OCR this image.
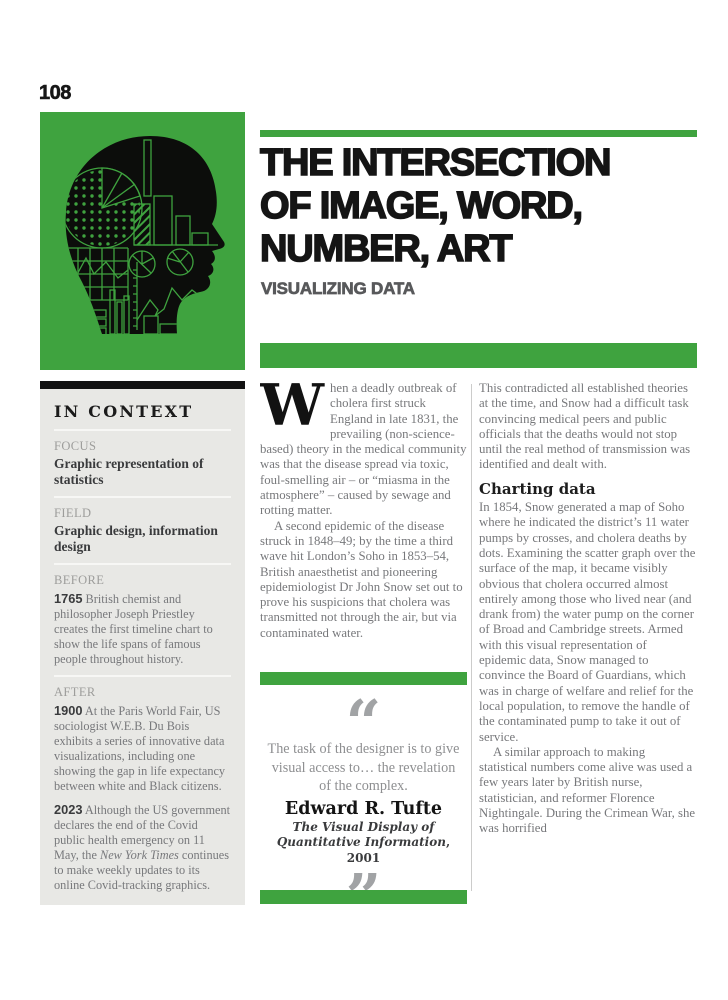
108
THE INTERSECTION
OF IMAGE, WORD,
NUMBER, ART
VISUALIZING DATA
IN CONTEXT
FOCUS
Graphic representation of statistics
FIELD
Graphic design, information design
BEFORE

1765 British chemist and philosopher Joseph Priestley creates the first timeline chart to show the life spans of famous people throughout history.

AFTER

1900 At the Paris World Fair, US sociologist W.E.B. Du Bois exhibits a series of innovative data visualizations, including one showing the gap in life expectancy between white and Black citizens.

2023 Although the US government declares the end of the Covid public health emergency on 11 May, the New York Times continues to make weekly updates to its online Covid-tracking graphics.

When a deadly outbreak of cholera first struck England in late 1831, the prevailing (non-science-based) theory in the medical community was that the disease spread via toxic, foul-smelling air – or “miasma in the atmosphere” – caused by sewage and rotting matter.

A second epidemic of the disease struck in 1848–49; by the time a third wave hit London’s Soho in 1853–54, British anaesthetist and pioneering epidemiologist Dr John Snow set out to prove his suspicions that cholera was transmitted not through the air, but via contaminated water.

“
The task of the designer is to give visual access to… the revelation of the complex.
Edward R. Tufte
The Visual Display of Quantitative Information, 2001

This contradicted all established theories at the time, and Snow had a difficult task convincing medical peers and public officials that the deaths would not stop until the real method of transmission was identified and dealt with.

Charting data

In 1854, Snow generated a map of Soho where he indicated the district’s 11 water pumps by crosses, and cholera deaths by dots. Examining the scatter graph over the surface of the map, it became visibly obvious that cholera occurred almost entirely among those who lived near (and drank from) the water pump on the corner of Broad and Cambridge streets. Armed with this visual representation of epidemic data, Snow managed to convince the Board of Guardians, which was in charge of welfare and relief for the local population, to remove the handle of the contaminated pump to take it out of service.

A similar approach to making statistical numbers come alive was used a few years later by British nurse, statistician, and reformer Florence Nightingale. During the Crimean War, she was horrified
